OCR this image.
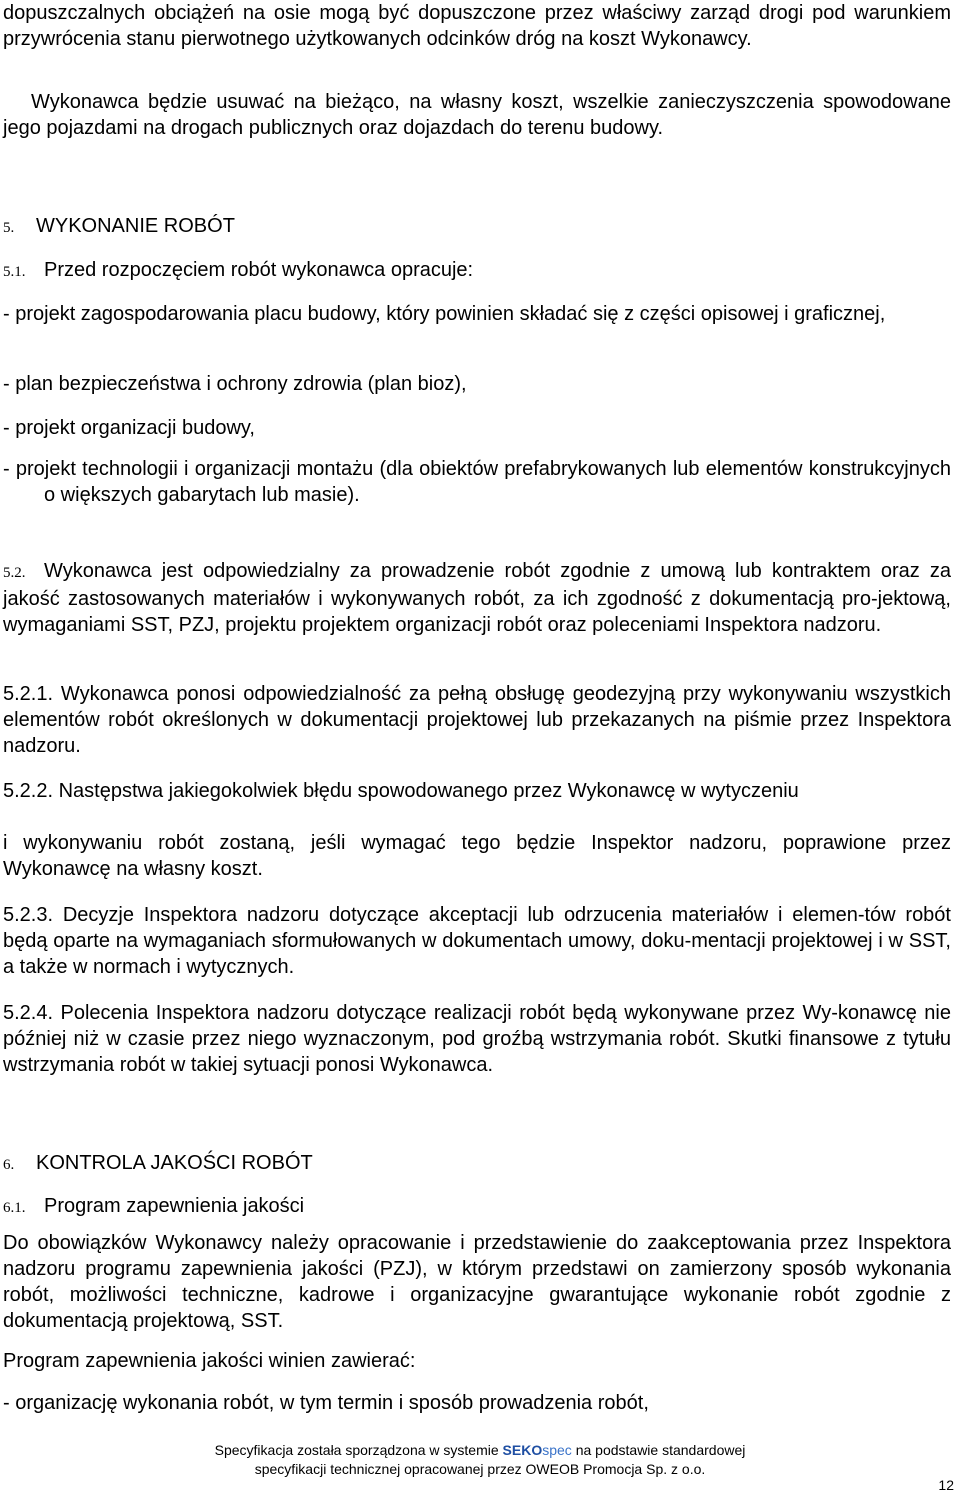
dopuszczalnych obciążeń na osie mogą być dopuszczone przez właściwy zarząd drogi pod warunkiem przywrócenia stanu pierwotnego użytkowanych odcinków dróg na koszt Wykonawcy.

Wykonawca będzie usuwać na bieżąco, na własny koszt, wszelkie zanieczyszczenia spowodowane jego pojazdami na drogach publicznych oraz dojazdach do terenu budowy.

5. WYKONANIE ROBÓT
5.1. Przed rozpoczęciem robót wykonawca opracuje:

- projekt zagospodarowania placu budowy, który powinien składać się z części opisowej i graficznej,

- plan bezpieczeństwa i ochrony zdrowia (plan bioz),

- projekt organizacji budowy,

- projekt technologii i organizacji montażu (dla obiektów prefabrykowanych lub elementów konstrukcyjnych o większych gabarytach lub masie).

5.2. Wykonawca jest odpowiedzialny za prowadzenie robót zgodnie z umową lub kontraktem oraz za jakość zastosowanych materiałów i wykonywanych robót, za ich zgodność z dokumentacją pro-jektową, wymaganiami SST, PZJ, projektu projektem organizacji robót oraz poleceniami Inspektora nadzoru.

5.2.1. Wykonawca ponosi odpowiedzialność za pełną obsługę geodezyjną przy wykonywaniu wszystkich elementów robót określonych w dokumentacji projektowej lub przekazanych na piśmie przez Inspektora nadzoru.

5.2.2. Następstwa jakiegokolwiek błędu spowodowanego przez Wykonawcę w wytyczeniu

i wykonywaniu robót zostaną, jeśli wymagać tego będzie Inspektor nadzoru, poprawione przez Wykonawcę na własny koszt.

5.2.3. Decyzje Inspektora nadzoru dotyczące akceptacji lub odrzucenia materiałów i elemen-tów robót będą oparte na wymaganiach sformułowanych w dokumentach umowy, doku-mentacji projektowej i w SST, a także w normach i wytycznych.

5.2.4. Polecenia Inspektora nadzoru dotyczące realizacji robót będą wykonywane przez Wy-konawcę nie później niż w czasie przez niego wyznaczonym, pod groźbą wstrzymania robót. Skutki finansowe z tytułu wstrzymania robót w takiej sytuacji ponosi Wykonawca.

6. KONTROLA JAKOŚCI ROBÓT
6.1. Program zapewnienia jakości

Do obowiązków Wykonawcy należy opracowanie i przedstawienie do zaakceptowania przez Inspektora nadzoru programu zapewnienia jakości (PZJ), w którym przedstawi on zamierzony sposób wykonania robót, możliwości techniczne, kadrowe i organizacyjne gwarantujące wykonanie robót zgodnie z dokumentacją projektową, SST.

Program zapewnienia jakości winien zawierać:

- organizację wykonania robót, w tym termin i sposób prowadzenia robót,

Specyfikacja została sporządzona w systemie SEKOspec na podstawie standardowej
specyfikacji technicznej opracowanej przez OWEOB Promocja Sp. z o.o.
12
